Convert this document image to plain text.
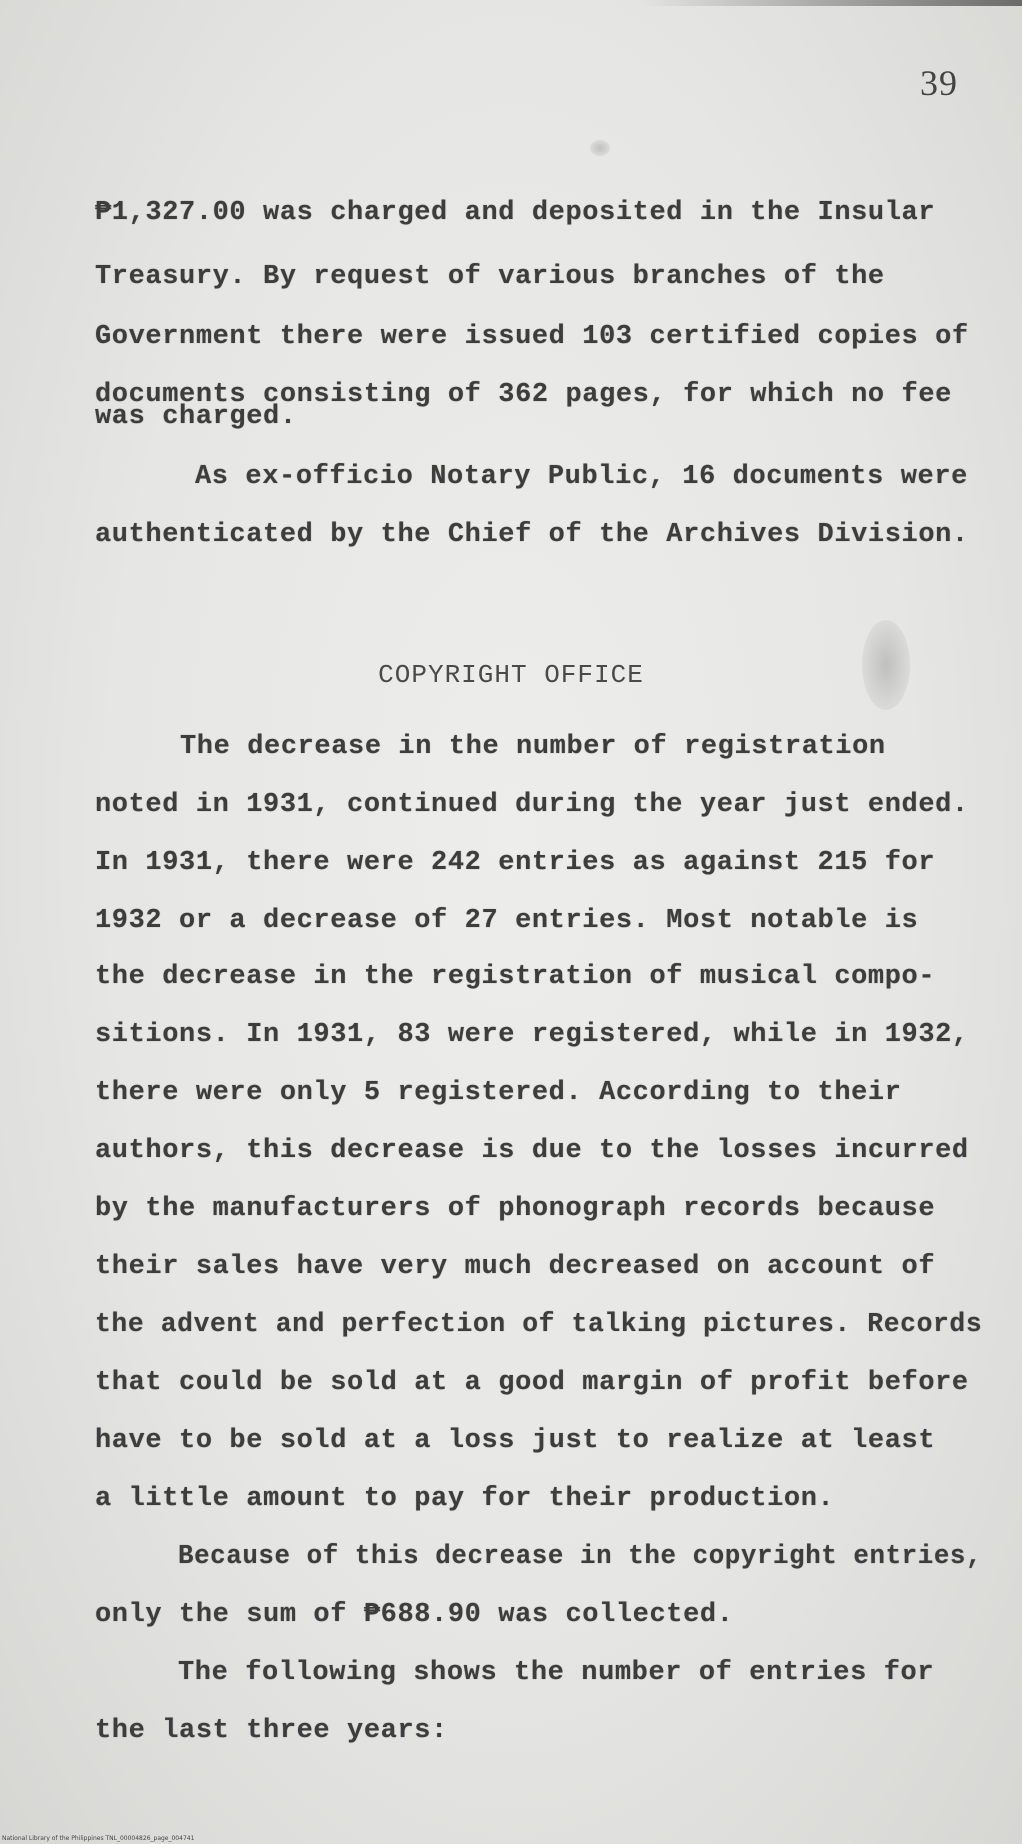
39
₱1,327.00 was charged and deposited in the Insular
Treasury. By request of various branches of the
Government there were issued 103 certified copies of
documents consisting of 362 pages, for which no fee
was charged.
As ex-officio Notary Public, 16 documents were
authenticated by the Chief of the Archives Division.
COPYRIGHT OFFICE
The decrease in the number of registration
noted in 1931, continued during the year just ended.
In 1931, there were 242 entries as against 215 for
1932 or a decrease of 27 entries. Most notable is
the decrease in the registration of musical compo-
sitions. In 1931, 83 were registered, while in 1932,
there were only 5 registered. According to their
authors, this decrease is due to the losses incurred
by the manufacturers of phonograph records because
their sales have very much decreased on account of
the advent and perfection of talking pictures. Records
that could be sold at a good margin of profit before
have to be sold at a loss just to realize at least
a little amount to pay for their production.
Because of this decrease in the copyright entries,
only the sum of ₱688.90 was collected.
The following shows the number of entries for
the last three years:
National Library of the Philippines TNL_00004826_page_004741
